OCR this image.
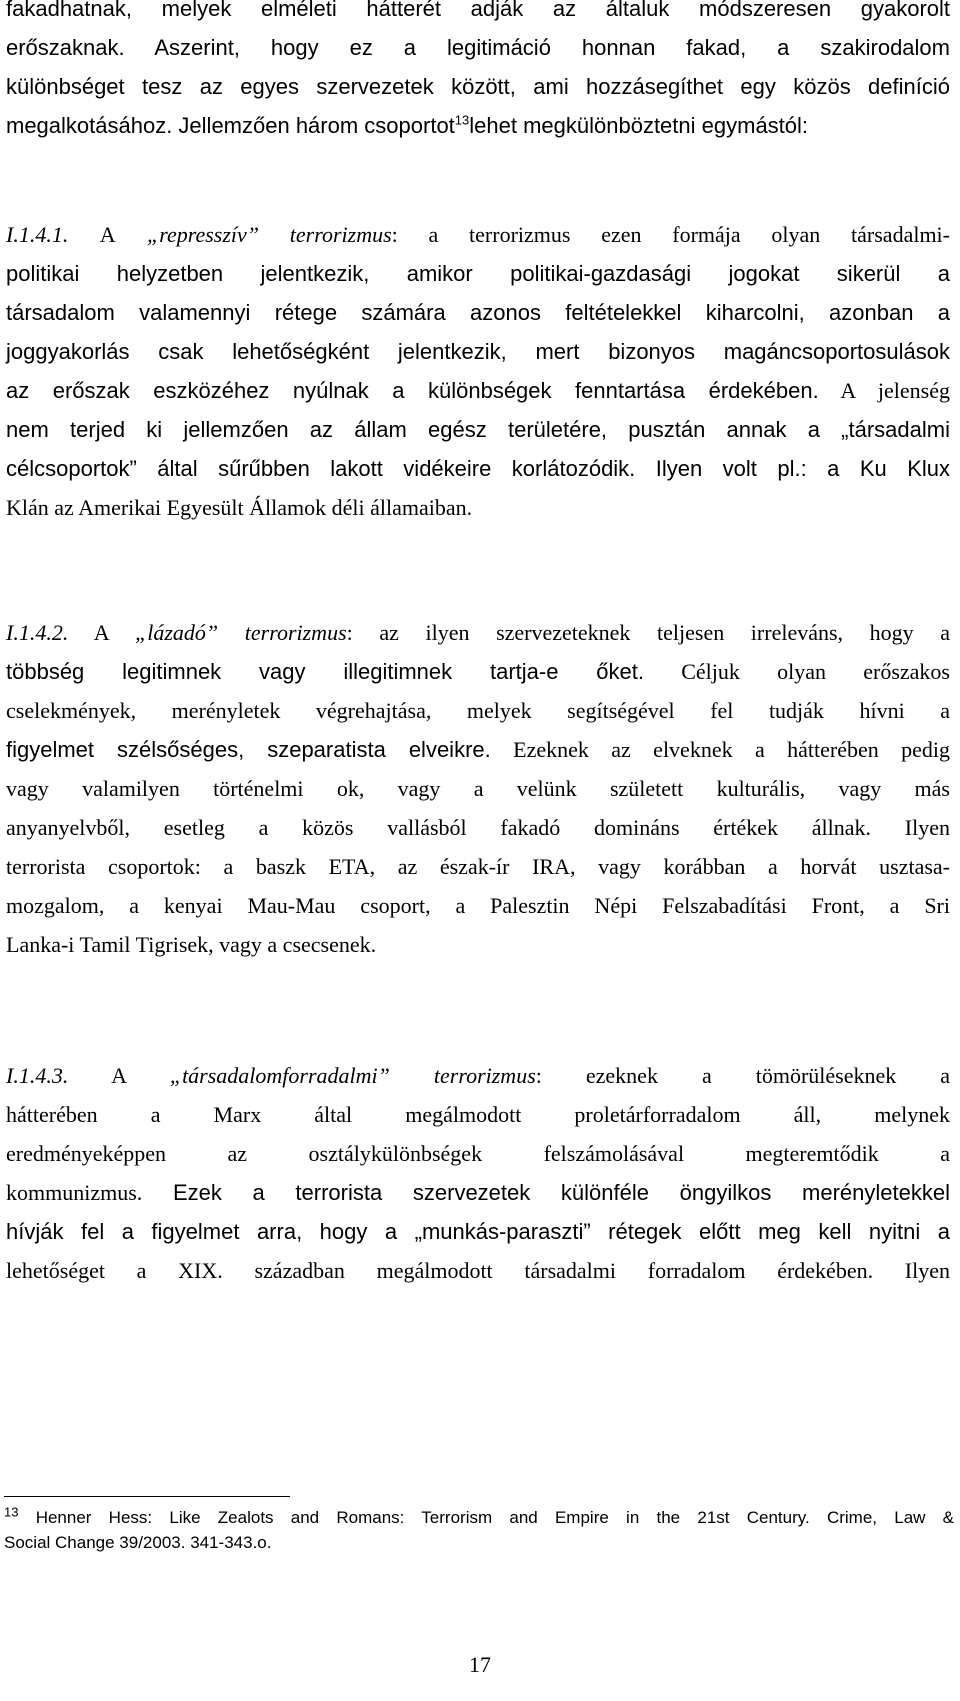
fakadhatnak, melyek elméleti hátterét adják az általuk módszeresen gyakorolt
erőszaknak. Aszerint, hogy ez a legitimáció honnan fakad, a szakirodalom
különbséget tesz az egyes szervezetek között, ami hozzásegíthet egy közös definíció
megalkotásához. Jellemzően három csoportot$^{13}$lehet megkülönböztetni egymástól:
I.1.4.1. A „represszív” terrorizmus: a terrorizmus ezen formája olyan társadalmi-
politikai helyzetben jelentkezik, amikor politikai-gazdasági jogokat sikerül a
társadalom valamennyi rétege számára azonos feltételekkel kiharcolni, azonban a
joggyakorlás csak lehetőségként jelentkezik, mert bizonyos magáncsoportosulások
az erőszak eszközéhez nyúlnak a különbségek fenntartása érdekében. A jelenség
nem terjed ki jellemzően az állam egész területére, pusztán annak a „társadalmi
célcsoportok” által sűrűbben lakott vidékeire korlátozódik. Ilyen volt pl.: a Ku Klux
Klán az Amerikai Egyesült Államok déli államaiban.
I.1.4.2. A „lázadó” terrorizmus: az ilyen szervezeteknek teljesen irreleváns, hogy a
többség legitimnek vagy illegitimnek tartja-e őket. Céljuk olyan erőszakos
cselekmények, merényletek végrehajtása, melyek segítségével fel tudják hívni a
figyelmet szélsőséges, szeparatista elveikre. Ezeknek az elveknek a hátterében pedig
vagy valamilyen történelmi ok, vagy a velünk született kulturális, vagy más
anyanyelvből, esetleg a közös vallásból fakadó domináns értékek állnak. Ilyen
terrorista csoportok: a baszk ETA, az észak-ír IRA, vagy korábban a horvát usztasa-
mozgalom, a kenyai Mau-Mau csoport, a Palesztin Népi Felszabadítási Front, a Sri
Lanka-i Tamil Tigrisek, vagy a csecsenek.
I.1.4.3. A „társadalomforradalmi” terrorizmus: ezeknek a tömörüléseknek a
hátterében a Marx által megálmodott proletárforradalom áll, melynek
eredményeképpen az osztálykülönbségek felszámolásával megteremtődik a
kommunizmus. Ezek a terrorista szervezetek különféle öngyilkos merényletekkel
hívják fel a figyelmet arra, hogy a „munkás-paraszti” rétegek előtt meg kell nyitni a
lehetőséget a XIX. században megálmodott társadalmi forradalom érdekében. Ilyen
$^{13}$ Henner Hess: Like Zealots and Romans: Terrorism and Empire in the 21st Century. Crime, Law &
Social Change 39/2003. 341-343.o.
17
